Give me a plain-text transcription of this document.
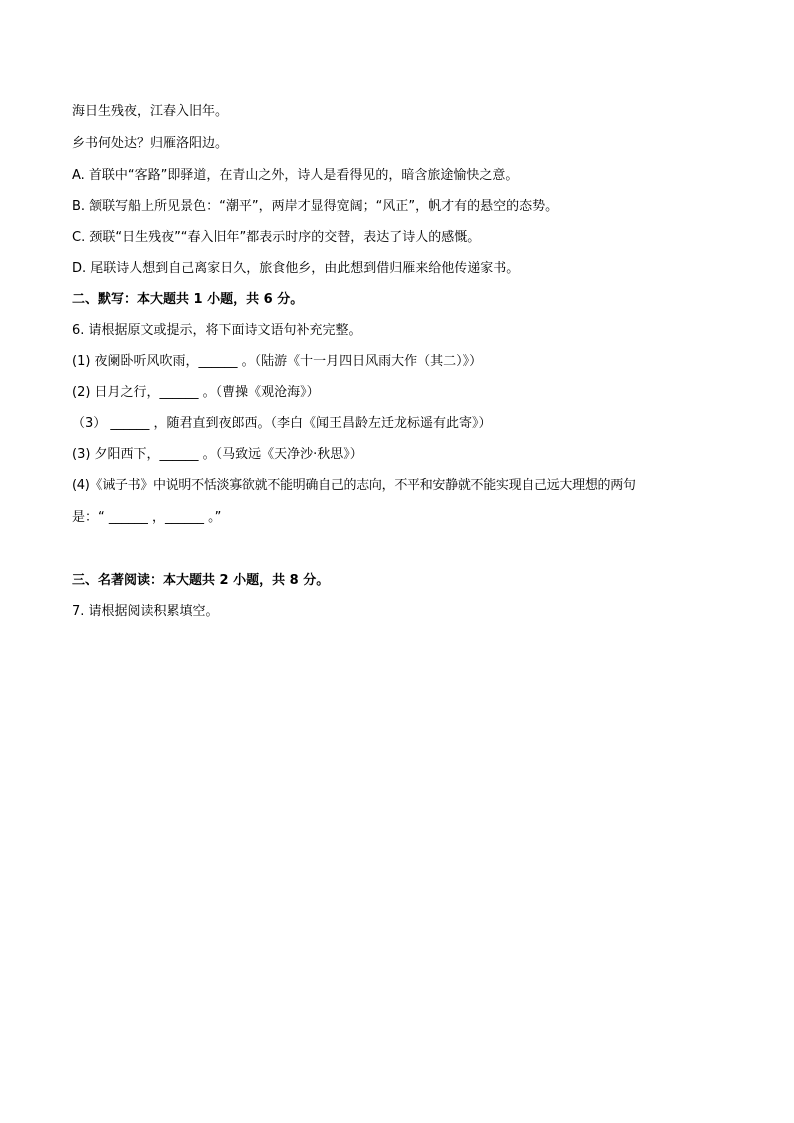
海日生残夜，江春入旧年。
乡书何处达？归雁洛阳边。
A. 首联中“客路”即驿道，在青山之外，诗人是看得见的，暗含旅途愉快之意。
B. 颔联写船上所见景色：“潮平”，两岸才显得宽阔；“风正”，帆才有的悬空的态势。
C. 颈联“日生残夜”“春入旧年”都表示时序的交替，表达了诗人的感慨。
D. 尾联诗人想到自己离家日久，旅食他乡，由此想到借归雁来给他传递家书。
二、默写：本大题共 1 小题，共 6 分。
6. 请根据原文或提示，将下面诗文语句补充完整。
(1) 夜阑卧听风吹雨，______ 。（陆游《十一月四日风雨大作（其二）》）
(2) 日月之行，______ 。（曹操《观沧海》）
（3） ______ ，随君直到夜郎西。（李白《闻王昌龄左迁龙标遥有此寄》）
(3) 夕阳西下，______ 。（马致远《天净沙·秋思》）
(4)《诫子书》中说明不恬淡寡欲就不能明确自己的志向，不平和安静就不能实现自己远大理想的两句
是：“ ______ ，______ 。”
三、名著阅读：本大题共 2 小题，共 8 分。
7. 请根据阅读积累填空。
